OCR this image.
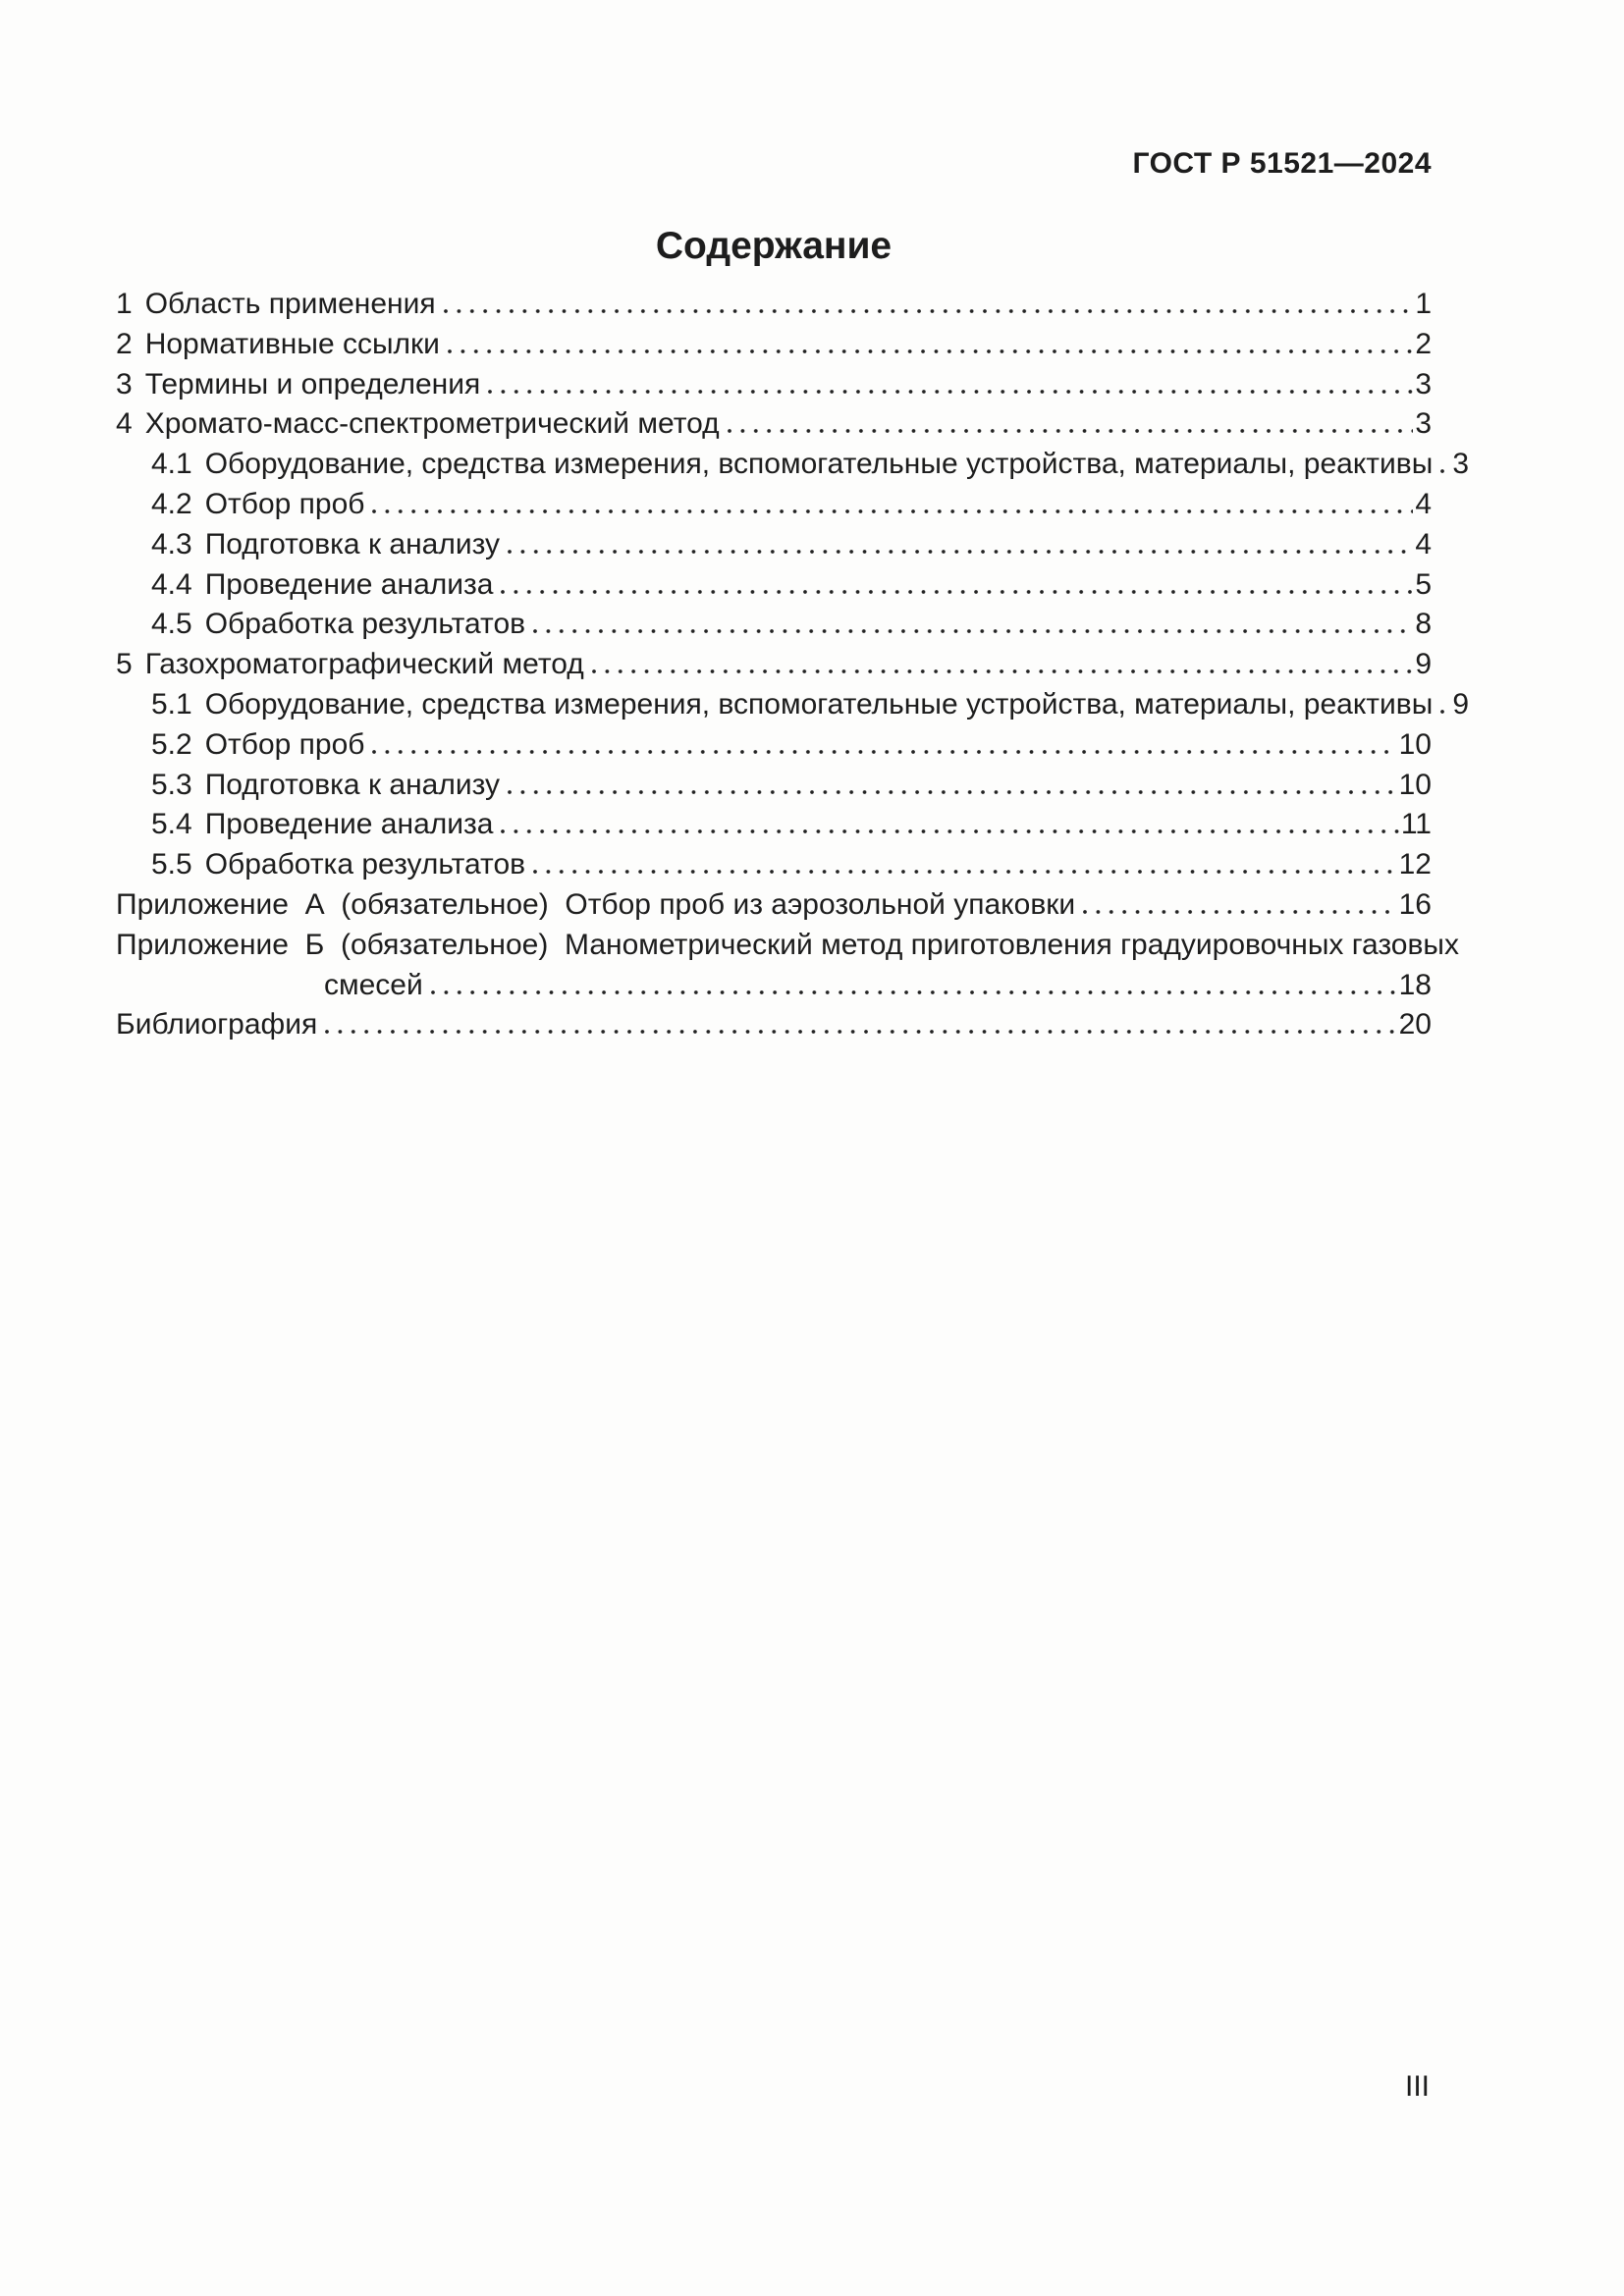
ГОСТ Р 51521—2024
Содержание
1 Область применения	1
2 Нормативные ссылки	2
3 Термины и определения	3
4 Хромато-масс-спектрометрический метод	3
4.1 Оборудование, средства измерения, вспомогательные устройства, материалы, реактивы 3
4.2 Отбор проб	4
4.3 Подготовка к анализу	4
4.4 Проведение анализа	5
4.5 Обработка результатов	8
5 Газохроматографический метод	9
5.1 Оборудование, средства измерения, вспомогательные устройства, материалы, реактивы 9
5.2 Отбор проб	10
5.3 Подготовка к анализу	10
5.4 Проведение анализа	11
5.5 Обработка результатов	12
Приложение  А  (обязательное)  Отбор проб из аэрозольной упаковки	16
Приложение  Б  (обязательное)  Манометрический метод приготовления градуировочных газовых
смесей	18
Библиография	20
III
